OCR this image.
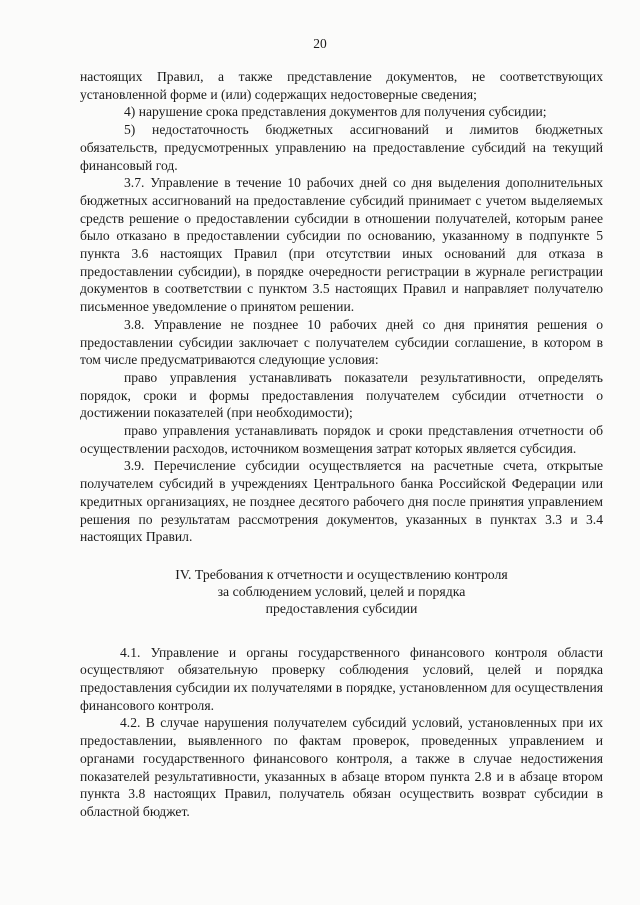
20

настоящих Правил, а также представление документов, не соответствующих установленной форме и (или) содержащих недостоверные сведения;

4) нарушение срока представления документов для получения субсидии;

5) недостаточность бюджетных ассигнований и лимитов бюджетных обязательств, предусмотренных управлению на предоставление субсидий на текущий финансовый год.

3.7. Управление в течение 10 рабочих дней со дня выделения дополнительных бюджетных ассигнований на предоставление субсидий принимает с учетом выделяемых средств решение о предоставлении субсидии в отношении получателей, которым ранее было отказано в предоставлении субсидии по основанию, указанному в подпункте 5 пункта 3.6 настоящих Правил (при отсутствии иных оснований для отказа в предоставлении субсидии), в порядке очередности регистрации в журнале регистрации документов в соответствии с пунктом 3.5 настоящих Правил и направляет получателю письменное уведомление о принятом решении.

3.8. Управление не позднее 10 рабочих дней со дня принятия решения о предоставлении субсидии заключает с получателем субсидии соглашение, в котором в том числе предусматриваются следующие условия:

право управления устанавливать показатели результативности, определять порядок, сроки и формы предоставления получателем субсидии отчетности о достижении показателей (при необходимости);

право управления устанавливать порядок и сроки представления отчетности об осуществлении расходов, источником возмещения затрат которых является субсидия.

3.9. Перечисление субсидии осуществляется на расчетные счета, открытые получателем субсидий в учреждениях Центрального банка Российской Федерации или кредитных организациях, не позднее десятого рабочего дня после принятия управлением решения по результатам рассмотрения документов, указанных в пунктах 3.3 и 3.4 настоящих Правил.

IV. Требования к отчетности и осуществлению контроля
за соблюдением условий, целей и порядка
предоставления субсидии

4.1. Управление и органы государственного финансового контроля области осуществляют обязательную проверку соблюдения условий, целей и порядка предоставления субсидии их получателями в порядке, установленном для осуществления финансового контроля.

4.2. В случае нарушения получателем субсидий условий, установленных при их предоставлении, выявленного по фактам проверок, проведенных управлением и органами государственного финансового контроля, а также в случае недостижения показателей результативности, указанных в абзаце втором пункта 2.8 и в абзаце втором пункта 3.8 настоящих Правил, получатель обязан осуществить возврат субсидии в областной бюджет.
